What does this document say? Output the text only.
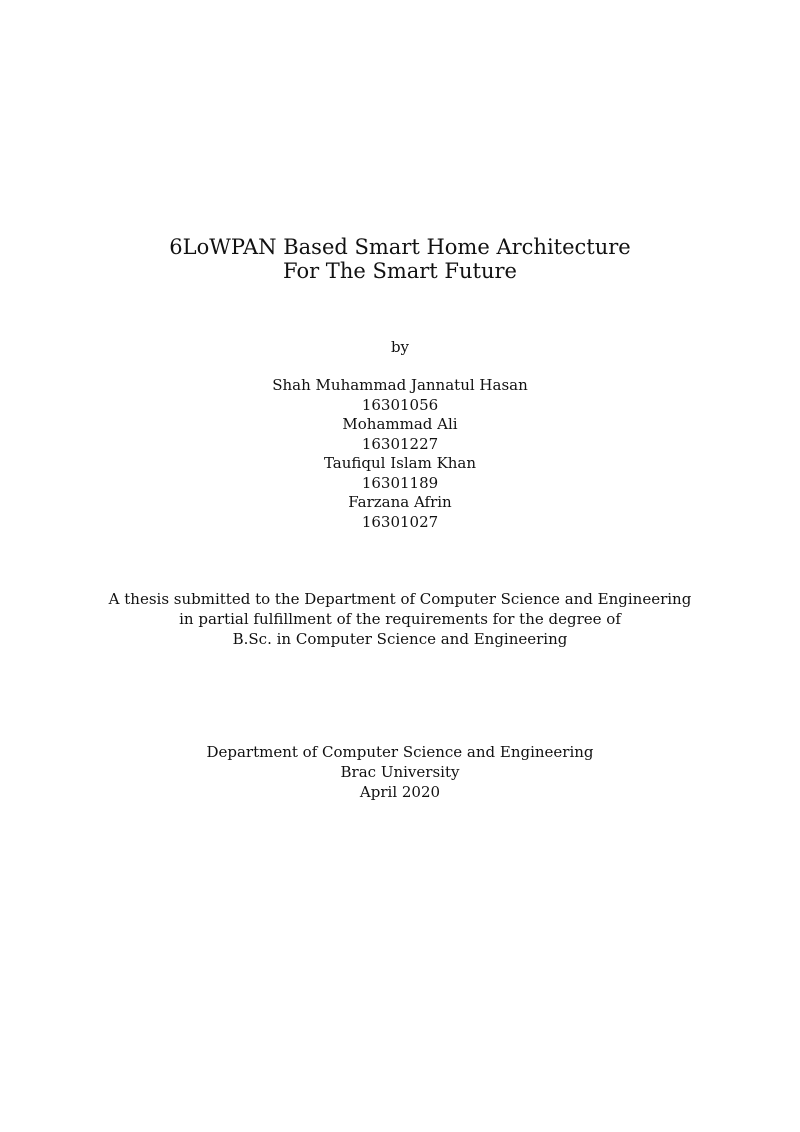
6LoWPAN Based Smart Home Architecture
For The Smart Future
by
Shah Muhammad Jannatul Hasan
16301056
Mohammad Ali
16301227
Taufiqul Islam Khan
16301189
Farzana Afrin
16301027
A thesis submitted to the Department of Computer Science and Engineering
in partial fulfillment of the requirements for the degree of
B.Sc. in Computer Science and Engineering
Department of Computer Science and Engineering
Brac University
April 2020
